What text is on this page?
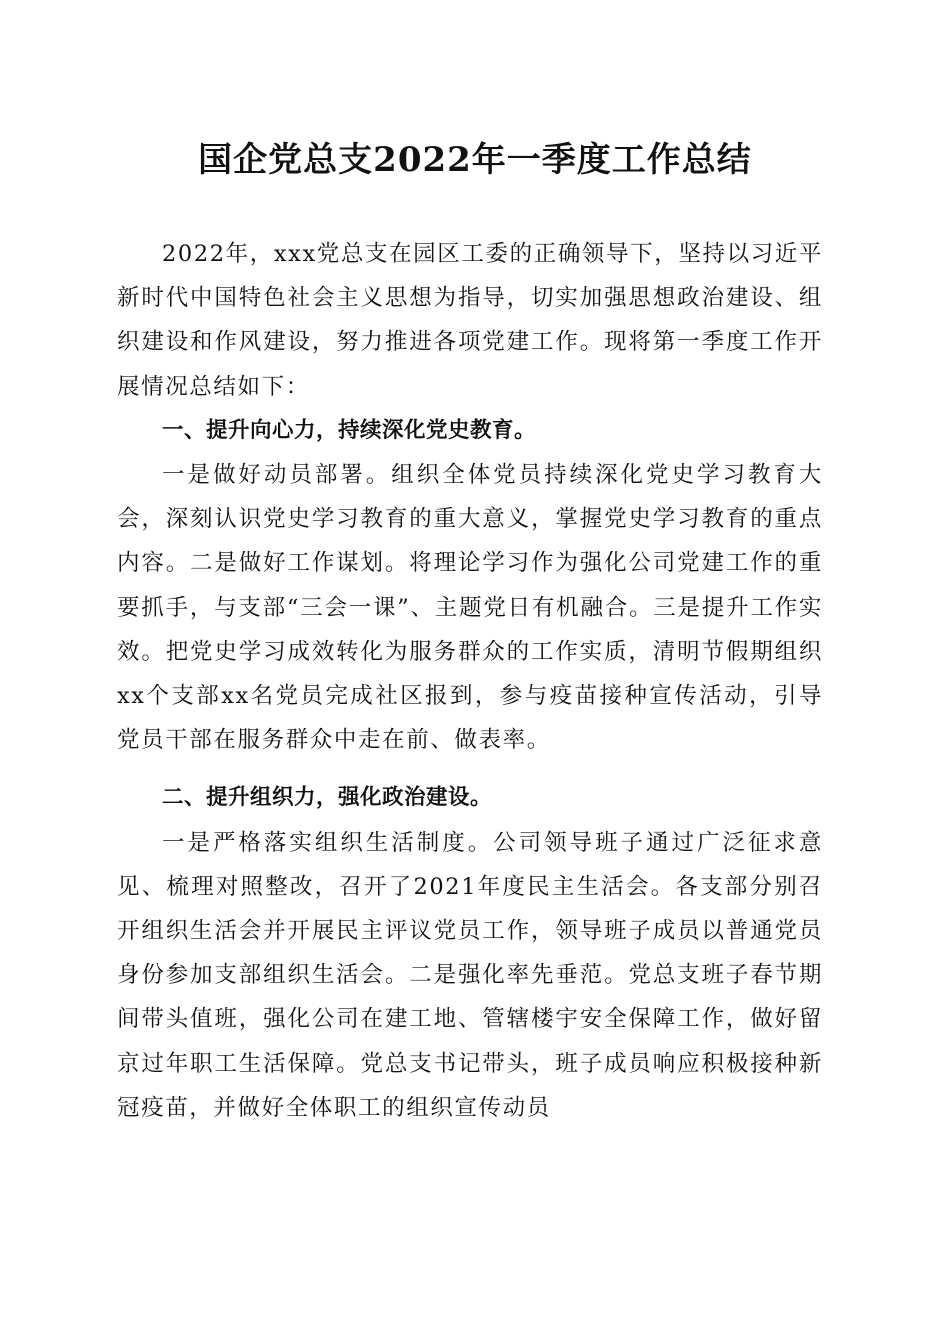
国企党总支2022年一季度工作总结

2022年，xxx党总支在园区工委的正确领导下，坚持以习近平新时代中国特色社会主义思想为指导，切实加强思想政治建设、组织建设和作风建设，努力推进各项党建工作。现将第一季度工作开展情况总结如下：

一、提升向心力，持续深化党史教育。

一是做好动员部署。组织全体党员持续深化党史学习教育大会，深刻认识党史学习教育的重大意义，掌握党史学习教育的重点内容。二是做好工作谋划。将理论学习作为强化公司党建工作的重要抓手，与支部“三会一课”、主题党日有机融合。三是提升工作实效。把党史学习成效转化为服务群众的工作实质，清明节假期组织xx个支部xx名党员完成社区报到，参与疫苗接种宣传活动，引导党员干部在服务群众中走在前、做表率。

二、提升组织力，强化政治建设。

一是严格落实组织生活制度。公司领导班子通过广泛征求意见、梳理对照整改，召开了2021年度民主生活会。各支部分别召开组织生活会并开展民主评议党员工作，领导班子成员以普通党员身份参加支部组织生活会。二是强化率先垂范。党总支班子春节期间带头值班，强化公司在建工地、管辖楼宇安全保障工作，做好留京过年职工生活保障。党总支书记带头，班子成员响应积极接种新冠疫苗，并做好全体职工的组织宣传动员
